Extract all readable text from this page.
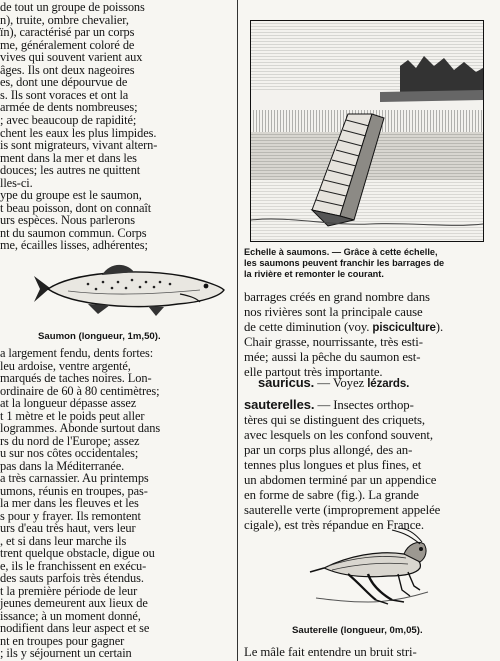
de tout un groupe de poissons
n), truite, ombre chevalier,
ïn), caractérisé par un corps
me, généralement coloré de
vives qui souvent varient aux
âges. Ils ont deux nageoires
es, dont une dépourvue de
s. Ils sont voraces et ont la
armée de dents nombreuses;
; avec beaucoup de rapidité;
chent les eaux les plus limpides.
is sont migrateurs, vivant altern-
ment dans la mer et dans les
douces; les autres ne quittent
lles-ci.
ype du groupe est le saumon,
t beau poisson, dont on connaît
urs espèces. Nous parlerons
nt du saumon commun. Corps
me, écailles lisses, adhérentes;
Saumon (longueur, 1m,50).
a largement fendu, dents fortes:
leu ardoise, ventre argenté,
marqués de taches noires. Lon-
ordinaire de 60 à 80 centimètres;
at la longueur dépasse assez
t 1 mètre et le poids peut aller
logrammes. Abonde surtout dans
rs du nord de l'Europe; assez
u sur nos côtes occidentales;
pas dans la Méditerranée.
a très carnassier. Au printemps
umons, réunis en troupes, pas-
la mer dans les fleuves et les
s pour y frayer. Ils remontent
urs d'eau très haut, vers leur
, et si dans leur marche ils
trent quelque obstacle, digue ou
e, ils le franchissent en exécu-
des sauts parfois très étendus.
t la première période de leur
jeunes demeurent aux lieux de
issance; à un moment donné,
nodifient dans leur aspect et se
nt en troupes pour gagner
; ils y séjournent un certain
Echelle à saumons. — Grâce à cette échelle,
les saumons peuvent franchir les barrages de
la rivière et remonter le courant.
barrages créés en grand nombre dans
nos rivières sont la principale cause
de cette diminution (voy. pisciculture).
Chair grasse, nourrissante, très esti-
mée; aussi la pêche du saumon est-
elle partout très importante.
sauricus. — Voyez lézards.
sauterelles. — Insectes orthop-
tères qui se distinguent des criquets,
avec lesquels on les confond souvent,
par un corps plus allongé, des an-
tennes plus longues et plus fines, et
un abdomen terminé par un appendice
en forme de sabre (fig.). La grande
sauterelle verte (improprement appelée
cigale), est très répandue en France.
Sauterelle (longueur, 0m,05).
Le mâle fait entendre un bruit stri-
